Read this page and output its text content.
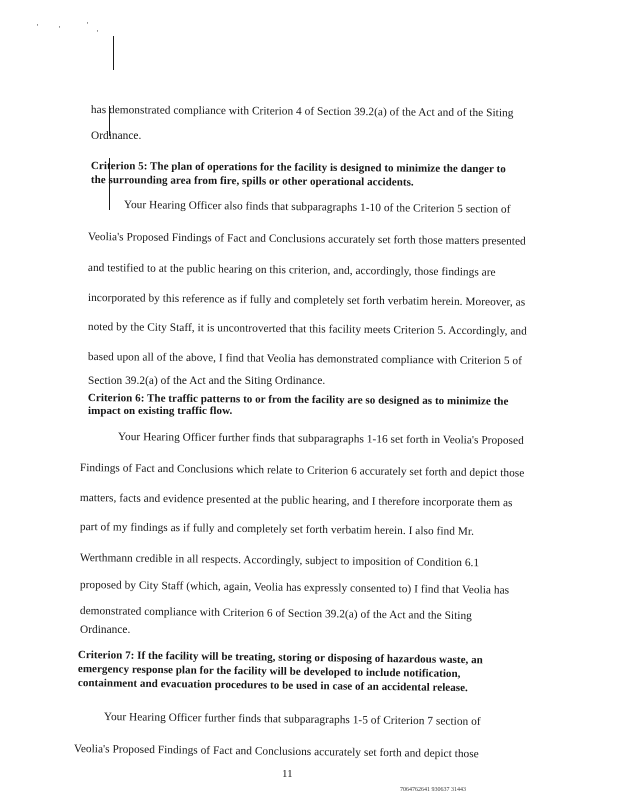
· ·	·
·
has demonstrated compliance with Criterion 4 of Section 39.2(a) of the Act and of the Siting
Ordinance.
Criterion 5: The plan of operations for the facility is designed to minimize the danger to
the surrounding area from fire, spills or other operational accidents.
Your Hearing Officer also finds that subparagraphs 1-10 of the Criterion 5 section of
Veolia's Proposed Findings of Fact and Conclusions accurately set forth those matters presented
and testified to at the public hearing on this criterion, and, accordingly, those findings are
incorporated by this reference as if fully and completely set forth verbatim herein. Moreover, as
noted by the City Staff, it is uncontroverted that this facility meets Criterion 5. Accordingly, and
based upon all of the above, I find that Veolia has demonstrated compliance with Criterion 5 of
Section 39.2(a) of the Act and the Siting Ordinance.
Criterion 6: The traffic patterns to or from the facility are so designed as to minimize the
impact on existing traffic flow.
Your Hearing Officer further finds that subparagraphs 1-16 set forth in Veolia's Proposed
Findings of Fact and Conclusions which relate to Criterion 6 accurately set forth and depict those
matters, facts and evidence presented at the public hearing, and I therefore incorporate them as
part of my findings as if fully and completely set forth verbatim herein. I also find Mr.
Werthmann credible in all respects. Accordingly, subject to imposition of Condition 6.1
proposed by City Staff (which, again, Veolia has expressly consented to) I find that Veolia has
demonstrated compliance with Criterion 6 of Section 39.2(a) of the Act and the Siting
Ordinance.
Criterion 7: If the facility will be treating, storing or disposing of hazardous waste, an
emergency response plan for the facility will be developed to include notification,
containment and evacuation procedures to be used in case of an accidental release.
Your Hearing Officer further finds that subparagraphs 1-5 of Criterion 7 section of
Veolia's Proposed Findings of Fact and Conclusions accurately set forth and depict those
11
7064762641 930637 31443
